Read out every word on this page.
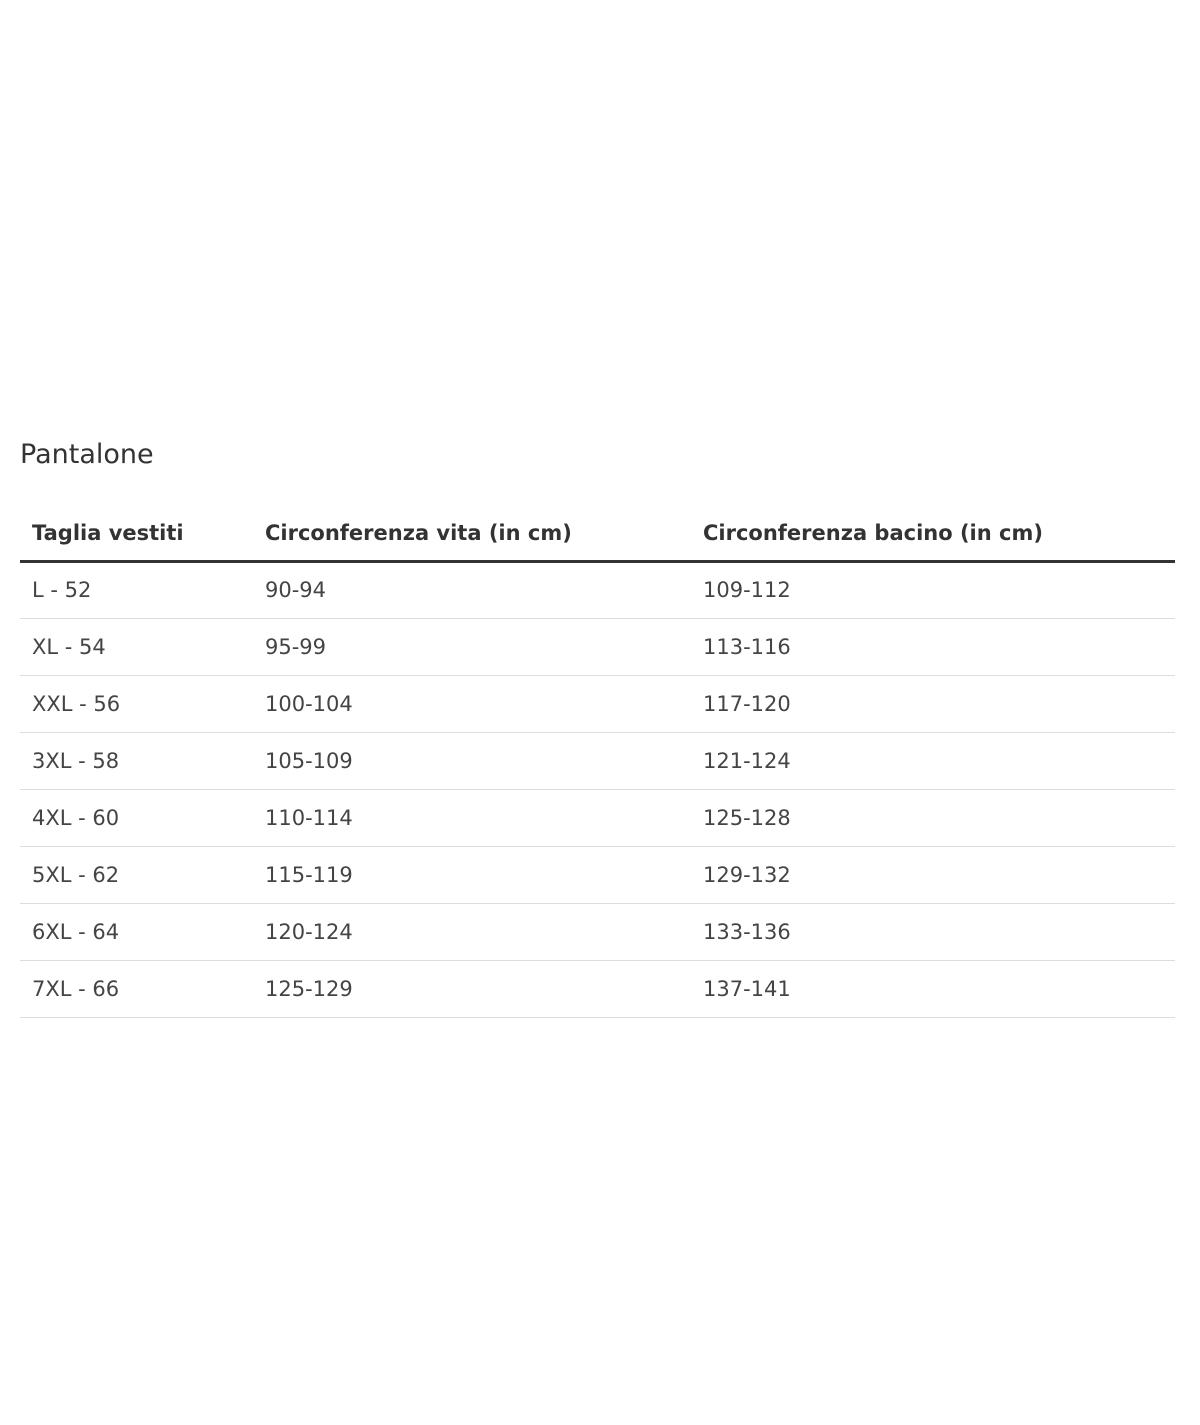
Pantalone
Taglia vestiti	Circonferenza vita (in cm)	Circonferenza bacino (in cm)
L - 52	90-94	109-112
XL - 54	95-99	113-116
XXL - 56	100-104	117-120
3XL - 58	105-109	121-124
4XL - 60	110-114	125-128
5XL - 62	115-119	129-132
6XL - 64	120-124	133-136
7XL - 66	125-129	137-141
